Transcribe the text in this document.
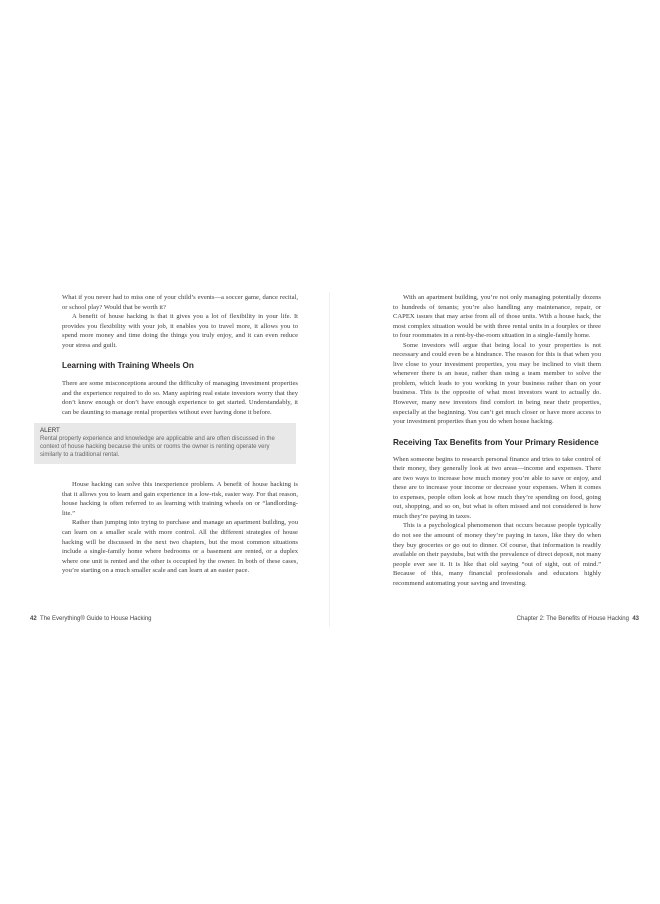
What if you never had to miss one of your child’s events—a soccer game, dance recital, or school play? Would that be worth it?

A benefit of house hacking is that it gives you a lot of flexibility in your life. It provides you flexibility with your job, it enables you to travel more, it allows you to spend more money and time doing the things you truly enjoy, and it can even reduce your stress and guilt.

Learning with Training Wheels On

There are some misconceptions around the difficulty of managing investment properties and the experience required to do so. Many aspiring real estate investors worry that they don’t know enough or don’t have enough experience to get started. Understandably, it can be daunting to manage rental properties without ever having done it before.

ALERT
Rental property experience and knowledge are applicable and are often discussed in the context of house hacking because the units or rooms the owner is renting operate very similarly to a traditional rental.

House hacking can solve this inexperience problem. A benefit of house hacking is that it allows you to learn and gain experience in a low-risk, easier way. For that reason, house hacking is often referred to as learning with training wheels on or “landlording-lite.”

Rather than jumping into trying to purchase and manage an apartment building, you can learn on a smaller scale with more control. All the different strategies of house hacking will be discussed in the next two chapters, but the most common situations include a single-family home where bedrooms or a basement are rented, or a duplex where one unit is rented and the other is occupied by the owner. In both of these cases, you’re starting on a much smaller scale and can learn at an easier pace.

42 The Everything® Guide to House Hacking

With an apartment building, you’re not only managing potentially dozens to hundreds of tenants; you’re also handling any maintenance, repair, or CAPEX issues that may arise from all of those units. With a house hack, the most complex situation would be with three rental units in a fourplex or three to four roommates in a rent-by-the-room situation in a single-family home.

Some investors will argue that being local to your properties is not necessary and could even be a hindrance. The reason for this is that when you live close to your investment properties, you may be inclined to visit them whenever there is an issue, rather than using a team member to solve the problem, which leads to you working in your business rather than on your business. This is the opposite of what most investors want to actually do. However, many new investors find comfort in being near their properties, especially at the beginning. You can’t get much closer or have more access to your investment properties than you do when house hacking.

Receiving Tax Benefits from Your Primary Residence

When someone begins to research personal finance and tries to take control of their money, they generally look at two areas—income and expenses. There are two ways to increase how much money you’re able to save or enjoy, and these are to increase your income or decrease your expenses. When it comes to expenses, people often look at how much they’re spending on food, going out, shopping, and so on, but what is often missed and not considered is how much they’re paying in taxes.

This is a psychological phenomenon that occurs because people typically do not see the amount of money they’re paying in taxes, like they do when they buy groceries or go out to dinner. Of course, that information is readily available on their paystubs, but with the prevalence of direct deposit, not many people ever see it. It is like that old saying “out of sight, out of mind.” Because of this, many financial professionals and educators highly recommend automating your saving and investing.

Chapter 2: The Benefits of House Hacking 43
